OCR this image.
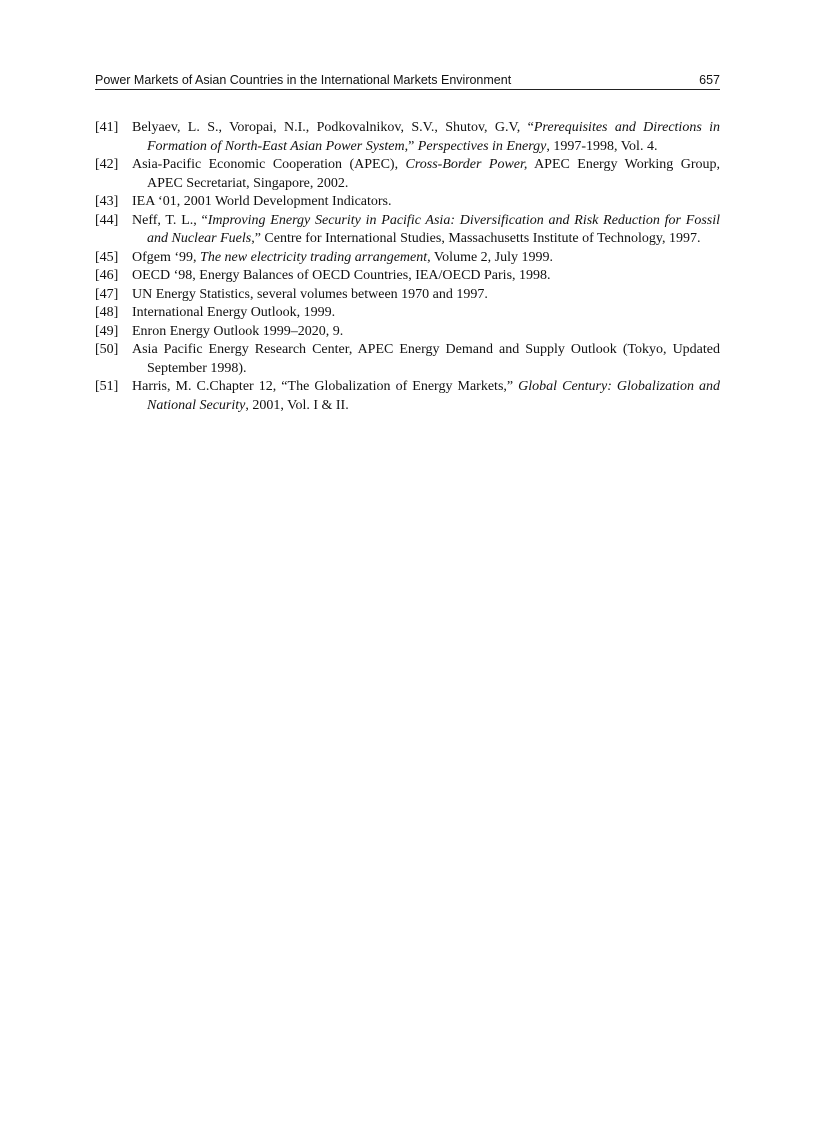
Power Markets of Asian Countries in the International Markets Environment	657
[41] Belyaev, L. S., Voropai, N.I., Podkovalnikov, S.V., Shutov, G.V, “Prerequisites and Directions in Formation of North-East Asian Power System,” Perspectives in Energy, 1997-1998, Vol. 4.
[42] Asia-Pacific Economic Cooperation (APEC), Cross-Border Power, APEC Energy Working Group, APEC Secretariat, Singapore, 2002.
[43] IEA ‘01, 2001 World Development Indicators.
[44] Neff, T. L., “Improving Energy Security in Pacific Asia: Diversification and Risk Reduction for Fossil and Nuclear Fuels,” Centre for International Studies, Massachusetts Institute of Technology, 1997.
[45] Ofgem ‘99, The new electricity trading arrangement, Volume 2, July 1999.
[46] OECD ‘98, Energy Balances of OECD Countries, IEA/OECD Paris, 1998.
[47] UN Energy Statistics, several volumes between 1970 and 1997.
[48] International Energy Outlook, 1999.
[49] Enron Energy Outlook 1999–2020, 9.
[50] Asia Pacific Energy Research Center, APEC Energy Demand and Supply Outlook (Tokyo, Updated September 1998).
[51] Harris, M. C.Chapter 12, “The Globalization of Energy Markets,” Global Century: Globalization and National Security, 2001, Vol. I & II.
